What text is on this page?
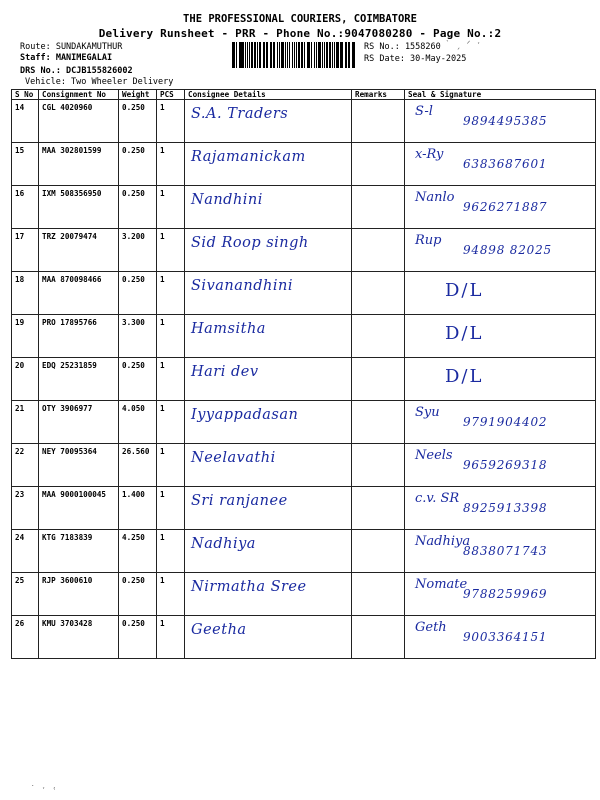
THE PROFESSIONAL COURIERS, COIMBATORE
Delivery Runsheet - PRR - Phone No.:9047080280 - Page No.:2
Route: SUNDAKAMUTHUR
Staff: MANIMEGALAI
DRS No.: DCJB155826002
Vehicle: Two Wheeler Delivery
RS No.: 1558260
RS Date: 30-May-2025
S No	Consignment No	Weight	PCS	Consignee Details	Remarks	Seal & Signature
14	CGL 4020960	0.250	1	S.A. Traders		S-l
9894495385

15	MAA 302801599	0.250	1	Rajamanickam		x-Ry
6383687601

16	IXM 508356950	0.250	1	Nandhini		Nanlo
9626271887

17	TRZ 20079474	3.200	1	Sid Roop singh		Rup
94898 82025

18	MAA 870098466	0.250	1	Sivanandhini		D/L

19	PRO 17895766	3.300	1	Hamsitha		D/L

20	EDQ 25231859	0.250	1	Hari dev		D/L

21	OTY 3906977	4.050	1	Iyyappadasan		Syu
9791904402

22	NEY 70095364	26.560	1	Neelavathi		Neels
9659269318

23	MAA 9000100045	1.400	1	Sri ranjanee		c.v. SR
8925913398

24	KTG 7183839	4.250	1	Nadhiya		Nadhiya
8838071743

25	RJP 3600610	0.250	1	Nirmatha Sree		Nomate
9788259969

26	KMU 3703428	0.250	1	Geetha		Geth
9003364151
ˋ ˏ ᐟ ˑ
˙ ˑ ˓
